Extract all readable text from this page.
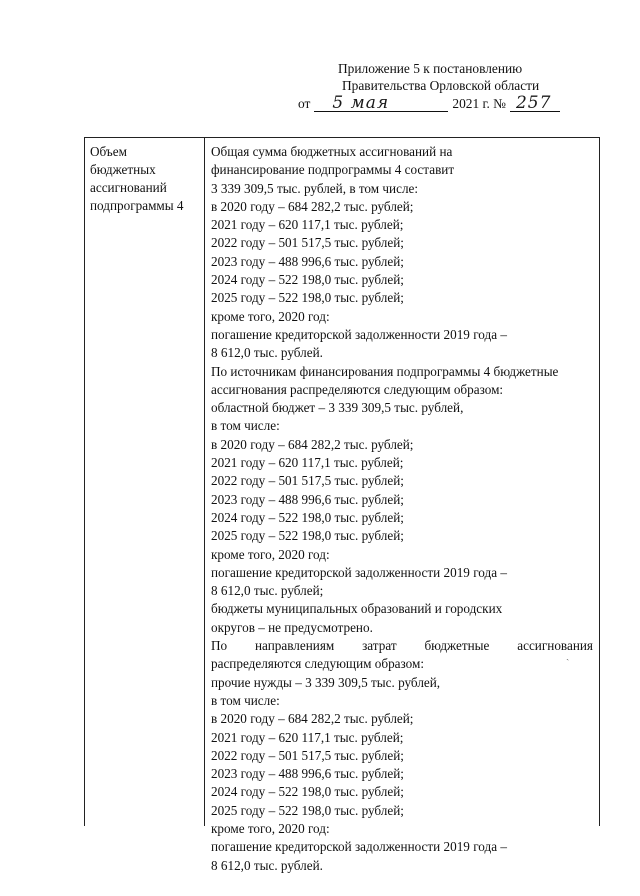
Приложение 5 к постановлению
Правительства Орловской области
от 5 мая	2021 г. № 257
Объем
бюджетных
ассигнований
подпрограммы 4
Общая сумма бюджетных ассигнований на
финансирование подпрограммы 4 составит
3 339 309,5 тыс. рублей, в том числе:
в 2020 году – 684 282,2 тыс. рублей;
2021 году – 620 117,1 тыс. рублей;
2022 году – 501 517,5 тыс. рублей;
2023 году – 488 996,6 тыс. рублей;
2024 году – 522 198,0 тыс. рублей;
2025 году – 522 198,0 тыс. рублей;
кроме того, 2020 год:
погашение кредиторской задолженности 2019 года –
8 612,0 тыс. рублей.
По источникам финансирования подпрограммы 4 бюджетные
ассигнования распределяются следующим образом:
областной бюджет – 3 339 309,5 тыс. рублей,
в том числе:
в 2020 году – 684 282,2 тыс. рублей;
2021 году – 620 117,1 тыс. рублей;
2022 году – 501 517,5 тыс. рублей;
2023 году – 488 996,6 тыс. рублей;
2024 году – 522 198,0 тыс. рублей;
2025 году – 522 198,0 тыс. рублей;
кроме того, 2020 год:
погашение кредиторской задолженности 2019 года –
8 612,0 тыс. рублей;
бюджеты муниципальных образований и городских
округов – не предусмотрено.
По направлениям затрат бюджетные ассигнования
распределяются следующим образом:
прочие нужды – 3 339 309,5 тыс. рублей,
в том числе:
в 2020 году – 684 282,2 тыс. рублей;
2021 году – 620 117,1 тыс. рублей;
2022 году – 501 517,5 тыс. рублей;
2023 году – 488 996,6 тыс. рублей;
2024 году – 522 198,0 тыс. рублей;
2025 году – 522 198,0 тыс. рублей;
кроме того, 2020 год:
погашение кредиторской задолженности 2019 года –
8 612,0 тыс. рублей.
ˎ
